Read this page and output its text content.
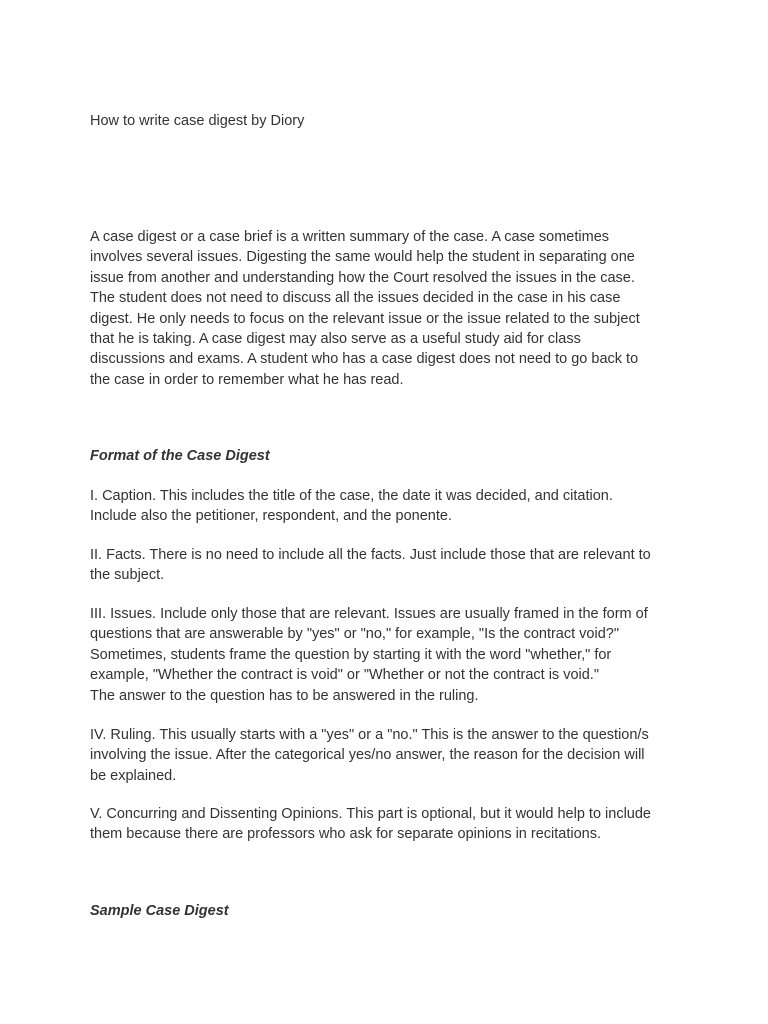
How to write case digest by Diory

A case digest or a case brief is a written summary of the case. A case sometimes
involves several issues. Digesting the same would help the student in separating one
issue from another and understanding how the Court resolved the issues in the case.
The student does not need to discuss all the issues decided in the case in his case
digest. He only needs to focus on the relevant issue or the issue related to the subject
that he is taking. A case digest may also serve as a useful study aid for class
discussions and exams. A student who has a case digest does not need to go back to
the case in order to remember what he has read.

Format of the Case Digest

I. Caption. This includes the title of the case, the date it was decided, and citation.
Include also the petitioner, respondent, and the ponente.

II. Facts. There is no need to include all the facts. Just include those that are relevant to
the subject.

III. Issues. Include only those that are relevant. Issues are usually framed in the form of
questions that are answerable by "yes" or "no," for example, "Is the contract void?"
Sometimes, students frame the question by starting it with the word "whether," for
example, "Whether the contract is void" or "Whether or not the contract is void."
The answer to the question has to be answered in the ruling.

IV. Ruling. This usually starts with a "yes" or a "no." This is the answer to the question/s
involving the issue. After the categorical yes/no answer, the reason for the decision will
be explained.

V. Concurring and Dissenting Opinions. This part is optional, but it would help to include
them because there are professors who ask for separate opinions in recitations.

Sample Case Digest
